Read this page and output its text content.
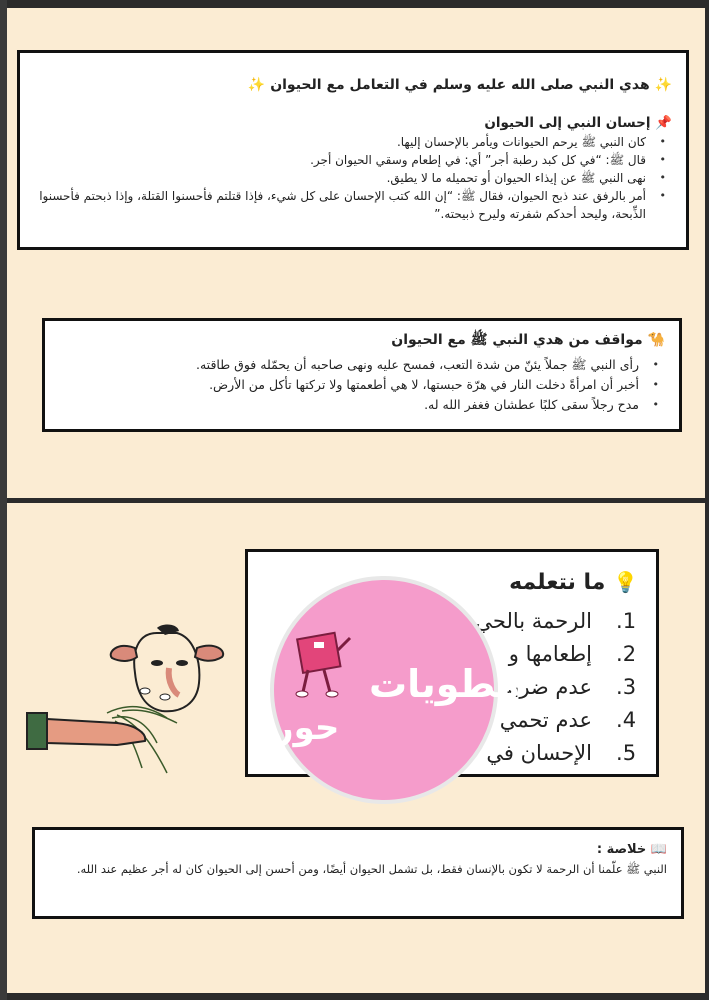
✨ هدي النبي صلى الله عليه وسلم في التعامل مع الحيوان ✨
📌 إحسان النبي إلى الحيوان
• كان النبي ﷺ يرحم الحيوانات ويأمر بالإحسان إليها.
• قال ﷺ: “في كل كبد رطبة أجر” أي: في إطعام وسقي الحيوان أجر.
• نهى النبي ﷺ عن إيذاء الحيوان أو تحميله ما لا يطيق.
• أمر بالرفق عند ذبح الحيوان، فقال ﷺ: “إن الله كتب الإحسان على كل شيء، فإذا قتلتم فأحسنوا القتلة، وإذا ذبحتم فأحسنوا الذِّبحة، وليحد أحدكم شفرته وليرح ذبيحته.”
🐪 مواقف من هدي النبي ﷺ مع الحيوان
• رأى النبي ﷺ جملاً يئنّ من شدة التعب، فمسح عليه ونهى صاحبه أن يحمّله فوق طاقته.
• أخبر أن امرأةً دخلت النار في هرّة حبستها، لا هي أطعمتها ولا تركتها تأكل من الأرض.
• مدح رجلاً سقى كلبًا عطشان فغفر الله له.
💡 ما نتعلمه
1.
الرحمة بالحي
2.
إطعامها و
3.
عدم ضربه
4.
عدم تحمي
5.
الإحسان في
مطويات
حور
📖 خلاصة :
النبي ﷺ علّمنا أن الرحمة لا تكون بالإنسان فقط، بل تشمل الحيوان أيضًا، ومن أحسن إلى الحيوان كان له أجر عظيم عند الله.
